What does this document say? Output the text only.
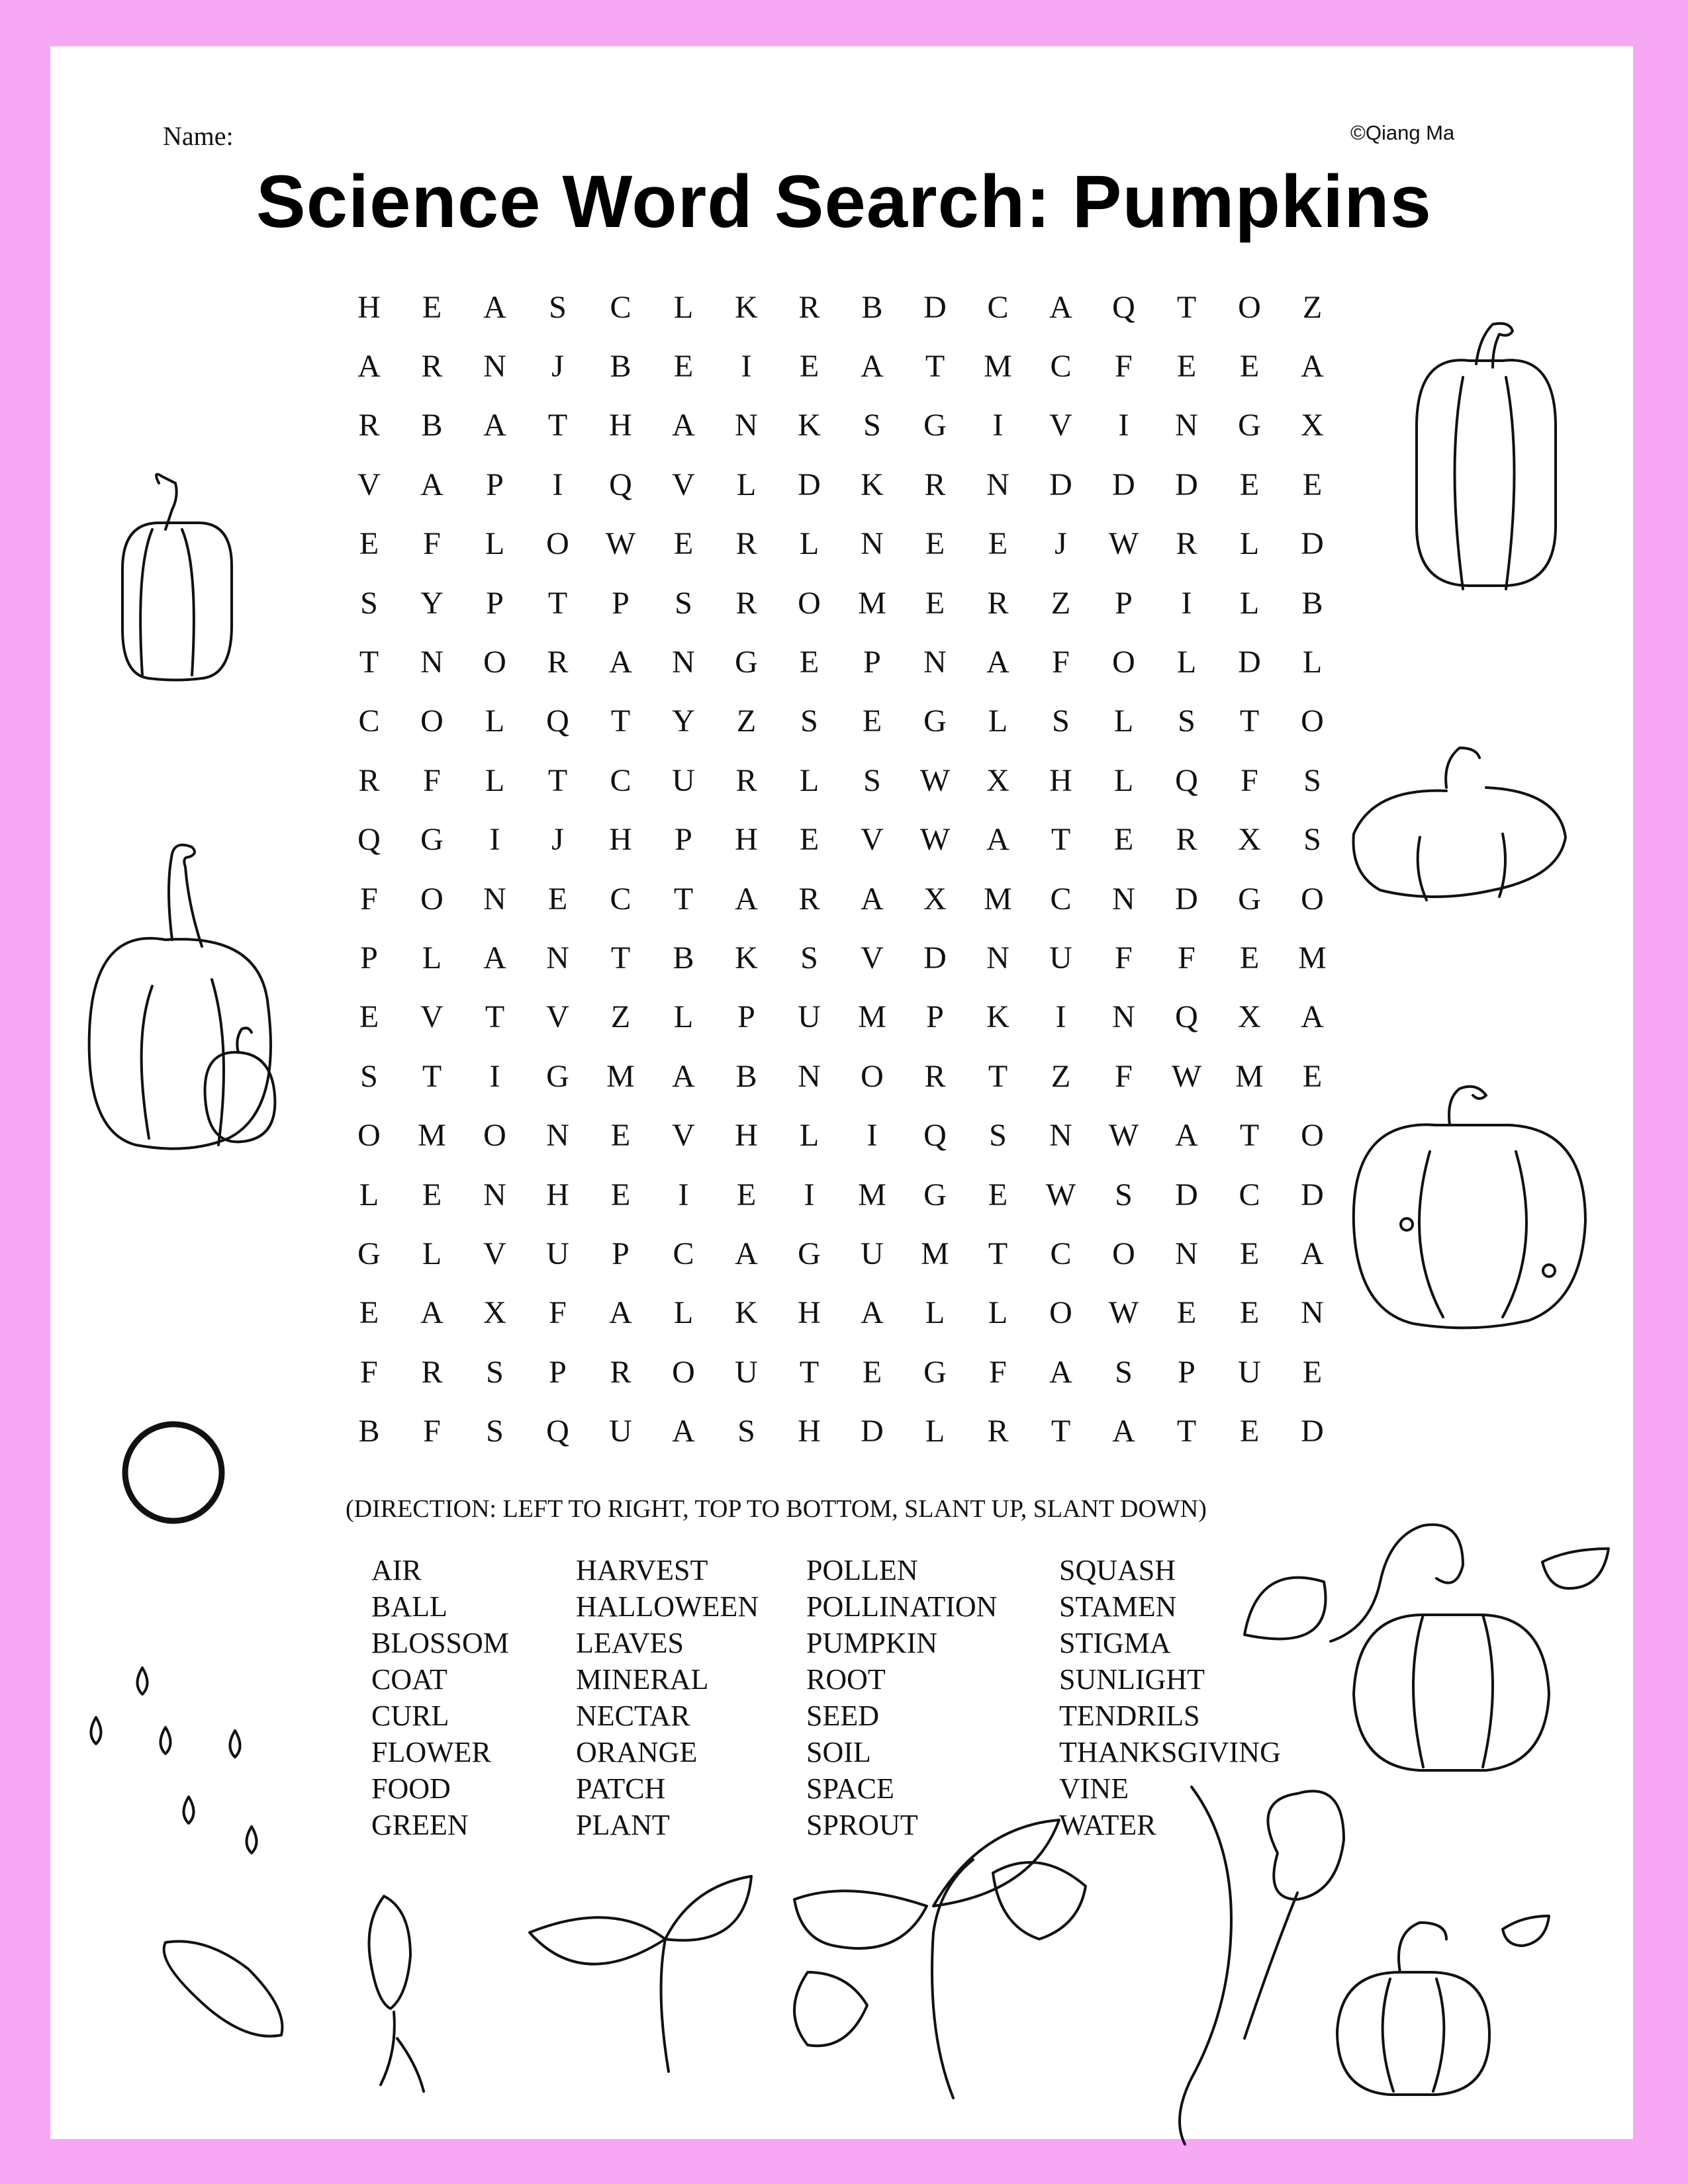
Name:	©Qiang Ma
Science Word Search: Pumpkins
H	E	A	S	C	L	K	R	B	D	C	A	Q	T	O	Z
A	R	N	J	B	E	I	E	A	T	M	C	F	E	E	A
R	B	A	T	H	A	N	K	S	G	I	V	I	N	G	X
V	A	P	I	Q	V	L	D	K	R	N	D	D	D	E	E
E	F	L	O	W	E	R	L	N	E	E	J	W	R	L	D
S	Y	P	T	P	S	R	O	M	E	R	Z	P	I	L	B
T	N	O	R	A	N	G	E	P	N	A	F	O	L	D	L
C	O	L	Q	T	Y	Z	S	E	G	L	S	L	S	T	O
R	F	L	T	C	U	R	L	S	W	X	H	L	Q	F	S
Q	G	I	J	H	P	H	E	V	W	A	T	E	R	X	S
F	O	N	E	C	T	A	R	A	X	M	C	N	D	G	O
P	L	A	N	T	B	K	S	V	D	N	U	F	F	E	M
E	V	T	V	Z	L	P	U	M	P	K	I	N	Q	X	A
S	T	I	G	M	A	B	N	O	R	T	Z	F	W	M	E
O	M	O	N	E	V	H	L	I	Q	S	N	W	A	T	O
L	E	N	H	E	I	E	I	M	G	E	W	S	D	C	D
G	L	V	U	P	C	A	G	U	M	T	C	O	N	E	A
E	A	X	F	A	L	K	H	A	L	L	O	W	E	E	N
F	R	S	P	R	O	U	T	E	G	F	A	S	P	U	E
B	F	S	Q	U	A	S	H	D	L	R	T	A	T	E	D
(DIRECTION: LEFT TO RIGHT, TOP TO BOTTOM, SLANT UP, SLANT DOWN)
AIR
BALL
BLOSSOM
COAT
CURL
FLOWER
FOOD
GREEN
HARVEST
HALLOWEEN
LEAVES
MINERAL
NECTAR
ORANGE
PATCH
PLANT
POLLEN
POLLINATION
PUMPKIN
ROOT
SEED
SOIL
SPACE
SPROUT
SQUASH
STAMEN
STIGMA
SUNLIGHT
TENDRILS
THANKSGIVING
VINE
WATER
